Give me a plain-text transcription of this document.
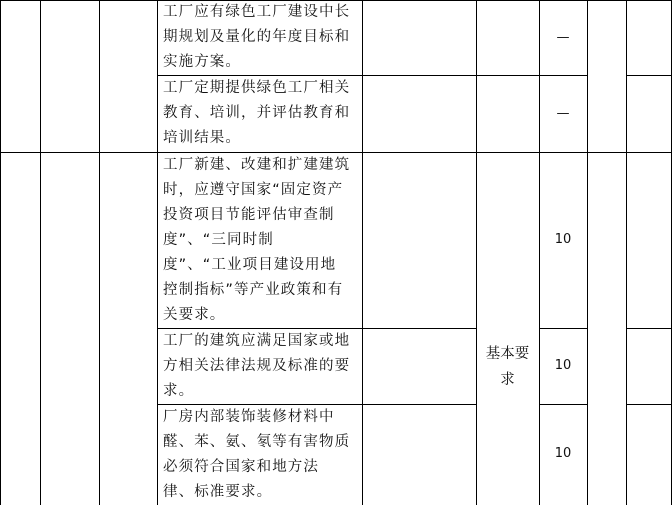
工厂应有绿色工厂建设中长
期规划及量化的年度目标和
实施方案。
—
工厂定期提供绿色工厂相关
教育、培训，并评估教育和
培训结果。
—
工厂新建、改建和扩建建筑
时，应遵守国家“固定资产
投资项目节能评估审查制
度”、“三同时制
度”、“工业项目建设用地
控制指标”等产业政策和有
关要求。
10
工厂的建筑应满足国家或地
方相关法律法规及标准的要
求。
10
基本要
求
厂房内部装饰装修材料中
醛、苯、氨、氡等有害物质
必须符合国家和地方法
律、标准要求。
10
